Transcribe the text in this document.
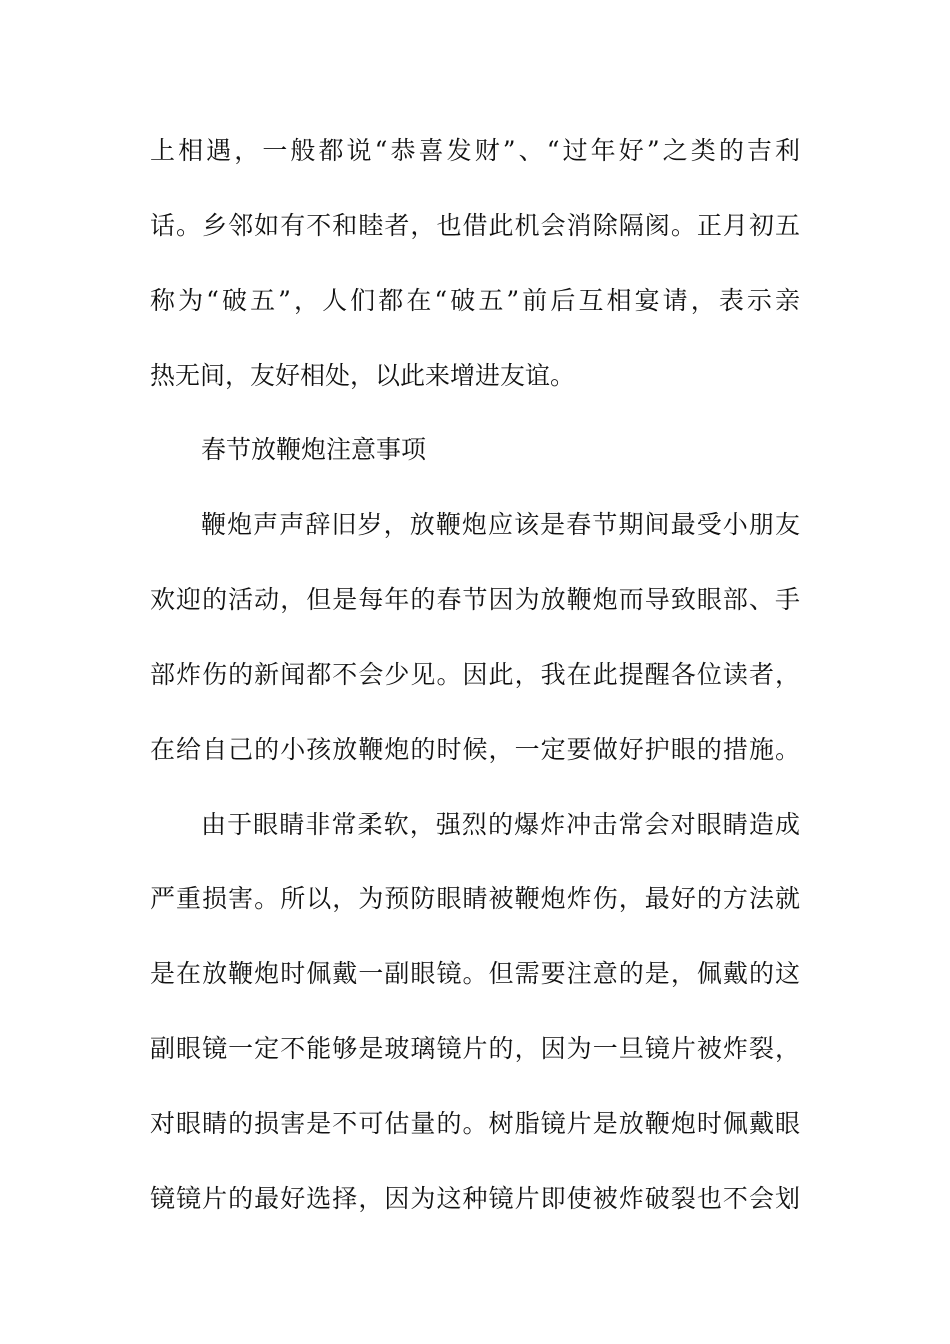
上相遇，一般都说“恭喜发财”、“过年好”之类的吉利
话。乡邻如有不和睦者，也借此机会消除隔阂。正月初五
称为“破五”，人们都在“破五”前后互相宴请，表示亲
热无间，友好相处，以此来增进友谊。
春节放鞭炮注意事项
鞭炮声声辞旧岁，放鞭炮应该是春节期间最受小朋友
欢迎的活动，但是每年的春节因为放鞭炮而导致眼部、手
部炸伤的新闻都不会少见。因此，我在此提醒各位读者，
在给自己的小孩放鞭炮的时候，一定要做好护眼的措施。
由于眼睛非常柔软，强烈的爆炸冲击常会对眼睛造成
严重损害。所以，为预防眼睛被鞭炮炸伤，最好的方法就
是在放鞭炮时佩戴一副眼镜。但需要注意的是，佩戴的这
副眼镜一定不能够是玻璃镜片的，因为一旦镜片被炸裂，
对眼睛的损害是不可估量的。树脂镜片是放鞭炮时佩戴眼
镜镜片的最好选择，因为这种镜片即使被炸破裂也不会划
